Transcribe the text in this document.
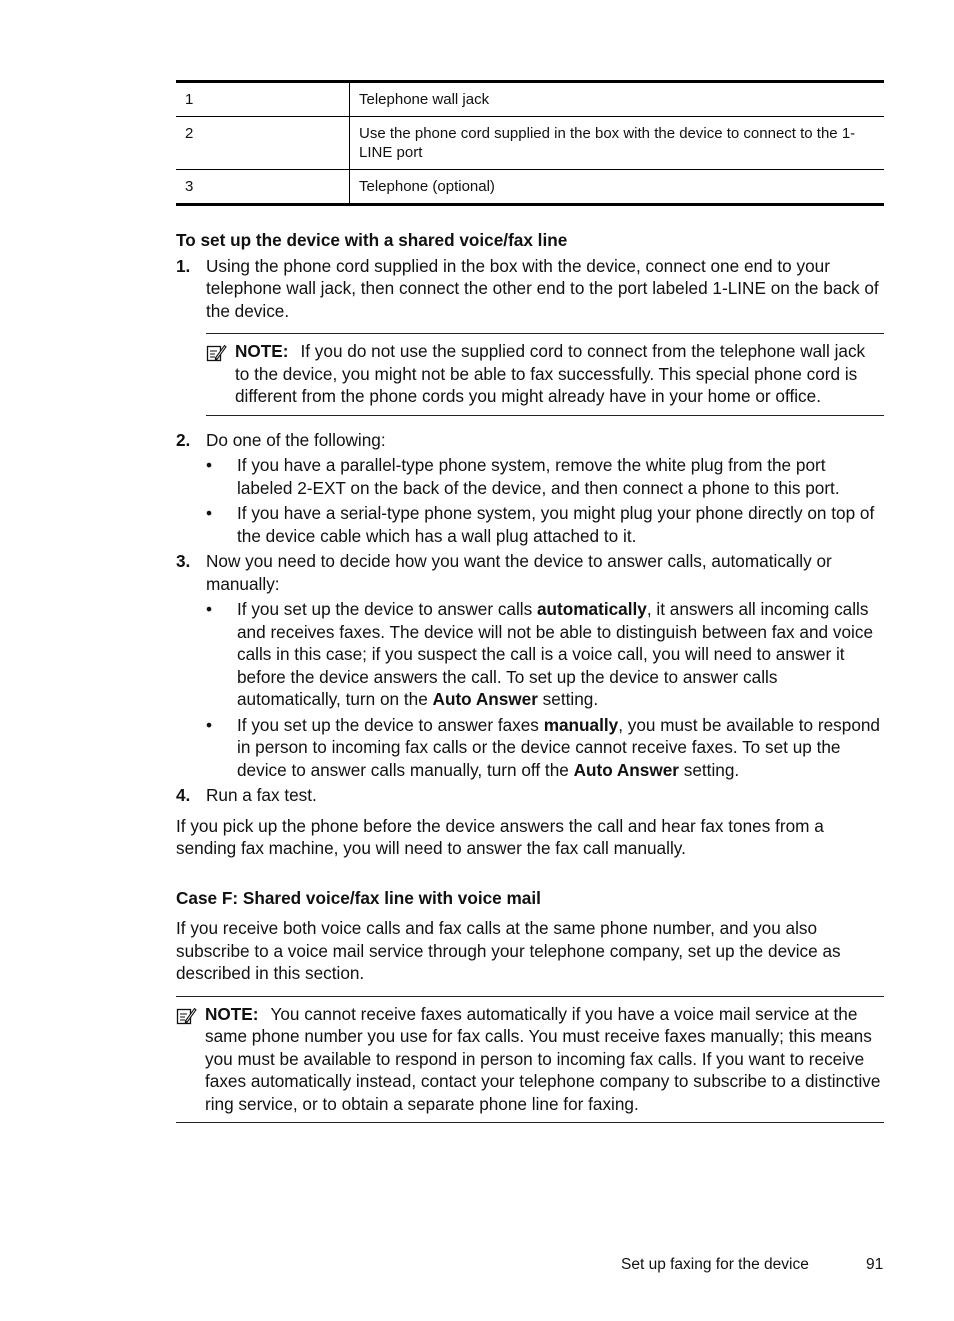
1	Telephone wall jack
2	Use the phone cord supplied in the box with the device to connect to the 1-LINE port
3	Telephone (optional)
To set up the device with a shared voice/fax line
1. Using the phone cord supplied in the box with the device, connect one end to your telephone wall jack, then connect the other end to the port labeled 1-LINE on the back of the device.
NOTE: If you do not use the supplied cord to connect from the telephone wall jack to the device, you might not be able to fax successfully. This special phone cord is different from the phone cords you might already have in your home or office.
2. Do one of the following:
•	If you have a parallel-type phone system, remove the white plug from the port labeled 2-EXT on the back of the device, and then connect a phone to this port.
•	If you have a serial-type phone system, you might plug your phone directly on top of the device cable which has a wall plug attached to it.
3. Now you need to decide how you want the device to answer calls, automatically or manually:
•	If you set up the device to answer calls automatically, it answers all incoming calls and receives faxes. The device will not be able to distinguish between fax and voice calls in this case; if you suspect the call is a voice call, you will need to answer it before the device answers the call. To set up the device to answer calls automatically, turn on the Auto Answer setting.
•	If you set up the device to answer faxes manually, you must be available to respond in person to incoming fax calls or the device cannot receive faxes. To set up the device to answer calls manually, turn off the Auto Answer setting.
4. Run a fax test.
If you pick up the phone before the device answers the call and hear fax tones from a sending fax machine, you will need to answer the fax call manually.
Case F: Shared voice/fax line with voice mail
If you receive both voice calls and fax calls at the same phone number, and you also subscribe to a voice mail service through your telephone company, set up the device as described in this section.
NOTE: You cannot receive faxes automatically if you have a voice mail service at the same phone number you use for fax calls. You must receive faxes manually; this means you must be available to respond in person to incoming fax calls. If you want to receive faxes automatically instead, contact your telephone company to subscribe to a distinctive ring service, or to obtain a separate phone line for faxing.
Set up faxing for the device	91
